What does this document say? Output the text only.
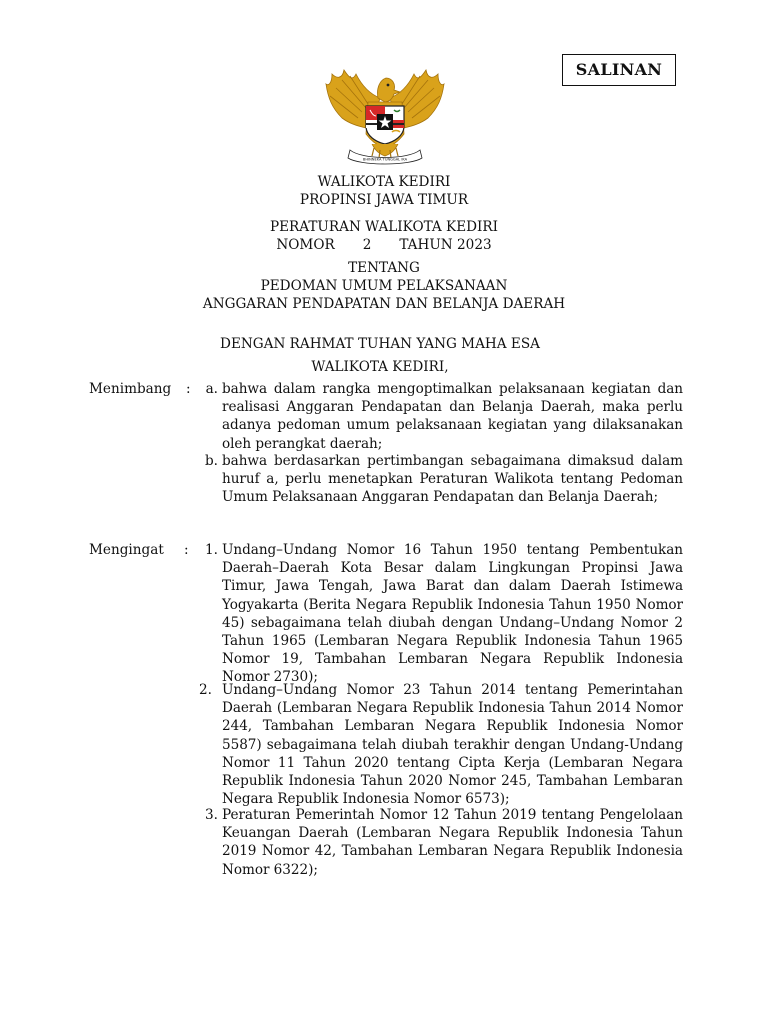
SALINAN
BHINNEKA TUNGGAL IKA
WALIKOTA KEDIRI
PROPINSI JAWA TIMUR
PERATURAN WALIKOTA KEDIRI
NOMOR 2 TAHUN 2023
TENTANG
PEDOMAN UMUM PELAKSANAAN
ANGGARAN PENDAPATAN DAN BELANJA DAERAH
DENGAN RAHMAT TUHAN YANG MAHA ESA
WALIKOTA KEDIRI,
Menimbang :	a. bahwa dalam rangka mengoptimalkan pelaksanaan kegiatan dan realisasi Anggaran Pendapatan dan Belanja Daerah, maka perlu adanya pedoman umum pelaksanaan kegiatan yang dilaksanakan oleh perangkat daerah;
b. bahwa berdasarkan pertimbangan sebagaimana dimaksud dalam huruf a, perlu menetapkan Peraturan Walikota tentang Pedoman Umum Pelaksanaan Anggaran Pendapatan dan Belanja Daerah;
Mengingat :	1. Undang–Undang Nomor 16 Tahun 1950 tentang Pembentukan Daerah–Daerah Kota Besar dalam Lingkungan Propinsi Jawa Timur, Jawa Tengah, Jawa Barat dan dalam Daerah Istimewa Yogyakarta (Berita Negara Republik Indonesia Tahun 1950 Nomor 45) sebagaimana telah diubah dengan Undang–Undang Nomor 2 Tahun 1965 (Lembaran Negara Republik Indonesia Tahun 1965 Nomor 19, Tambahan Lembaran Negara Republik Indonesia Nomor 2730);
2. Undang–Undang Nomor 23 Tahun 2014 tentang Pemerintahan Daerah (Lembaran Negara Republik Indonesia Tahun 2014 Nomor 244, Tambahan Lembaran Negara Republik Indonesia Nomor 5587) sebagaimana telah diubah terakhir dengan Undang-Undang Nomor 11 Tahun 2020 tentang Cipta Kerja (Lembaran Negara Republik Indonesia Tahun 2020 Nomor 245, Tambahan Lembaran Negara Republik Indonesia Nomor 6573);
3. Peraturan Pemerintah Nomor 12 Tahun 2019 tentang Pengelolaan Keuangan Daerah (Lembaran Negara Republik Indonesia Tahun 2019 Nomor 42, Tambahan Lembaran Negara Republik Indonesia Nomor 6322);
